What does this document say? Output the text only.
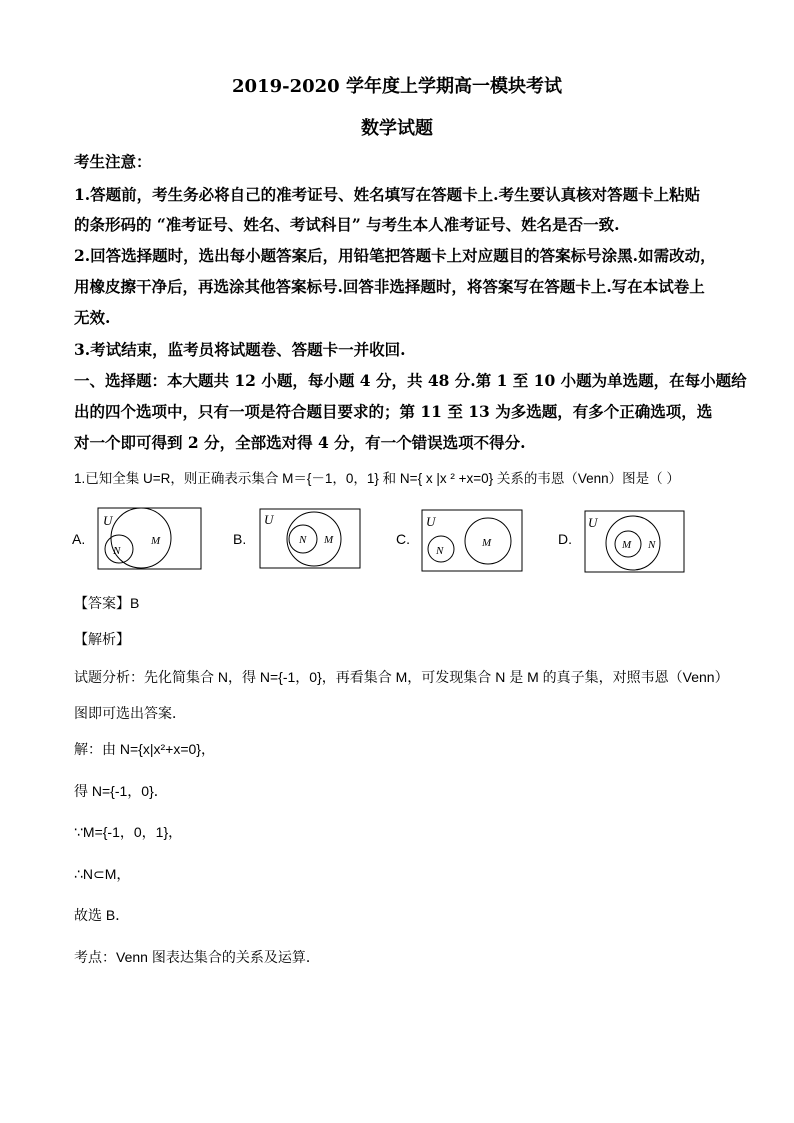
2019-2020 学年度上学期高一模块考试
数学试题
考生注意：
1.答题前，考生务必将自己的准考证号、姓名填写在答题卡上.考生要认真核对答题卡上粘贴
的条形码的 “准考证号、姓名、考试科目” 与考生本人准考证号、姓名是否一致.
2.回答选择题时，选出每小题答案后，用铅笔把答题卡上对应题目的答案标号涂黑.如需改动，
用橡皮擦干净后，再选涂其他答案标号.回答非选择题时，将答案写在答题卡上.写在本试卷上
无效.
3.考试结束，监考员将试题卷、答题卡一并收回.
一、选择题：本大题共 12 小题，每小题 4 分，共 48 分.第 1 至 10 小题为单选题，在每小题给
出的四个选项中，只有一项是符合题目要求的；第 11 至 13 为多选题，有多个正确选项，选
对一个即可得到 2 分，全部选对得 4 分，有一个错误选项不得分.
1.已知全集 U=R，则正确表示集合 M＝{－1，0，1} 和 N={ x |x ² +x=0} 关系的韦恩（Venn）图是（ ）
A.
U
N
M	B.
U
N M	C.
U
N
M	D.
U
M N
【答案】B
【解析】
试题分析：先化简集合 N，得 N={-1，0}，再看集合 M，可发现集合 N 是 M 的真子集，对照韦恩（Venn）
图即可选出答案．
解：由 N={x|x²+x=0}，
得 N={-1，0}．
∵M={-1，0，1}，
∴N⊂M，
故选 B．
考点：Venn 图表达集合的关系及运算．
